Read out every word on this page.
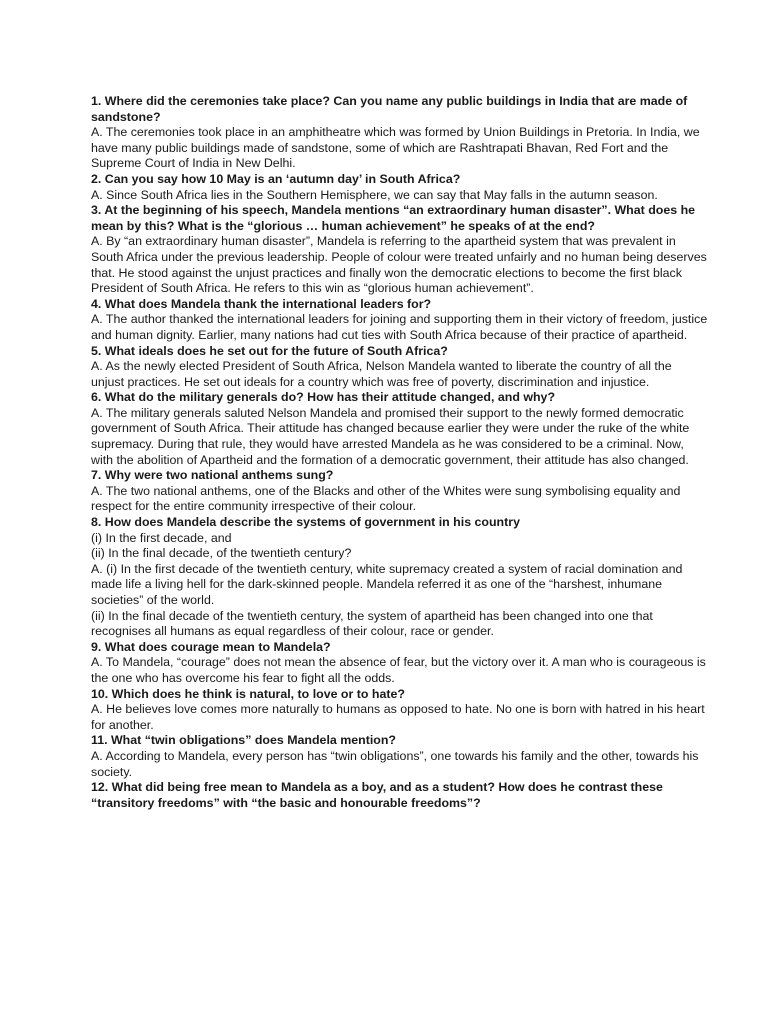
1. Where did the ceremonies take place? Can you name any public buildings in India that are made of sandstone?

A. The ceremonies took place in an amphitheatre which was formed by Union Buildings in Pretoria. In India, we have many public buildings made of sandstone, some of which are Rashtrapati Bhavan, Red Fort and the Supreme Court of India in New Delhi.

2. Can you say how 10 May is an ‘autumn day’ in South Africa?

A. Since South Africa lies in the Southern Hemisphere, we can say that May falls in the autumn season.

3. At the beginning of his speech, Mandela mentions “an extraordinary human disaster”. What does he mean by this? What is the “glorious … human achievement” he speaks of at the end?

A. By “an extraordinary human disaster”, Mandela is referring to the apartheid system that was prevalent in South Africa under the previous leadership. People of colour were treated unfairly and no human being deserves that. He stood against the unjust practices and finally won the democratic elections to become the first black President of South Africa. He refers to this win as “glorious human achievement”.

4. What does Mandela thank the international leaders for?

A. The author thanked the international leaders for joining and supporting them in their victory of freedom, justice and human dignity. Earlier, many nations had cut ties with South Africa because of their practice of apartheid.

5. What ideals does he set out for the future of South Africa?

A. As the newly elected President of South Africa, Nelson Mandela wanted to liberate the country of all the unjust practices. He set out ideals for a country which was free of poverty, discrimination and injustice.

6. What do the military generals do? How has their attitude changed, and why?

A. The military generals saluted Nelson Mandela and promised their support to the newly formed democratic government of South Africa. Their attitude has changed because earlier they were under the ruke of the white supremacy. During that rule, they would have arrested Mandela as he was considered to be a criminal. Now, with the abolition of Apartheid and the formation of a democratic government, their attitude has also changed.

7. Why were two national anthems sung?

A. The two national anthems, one of the Blacks and other of the Whites were sung symbolising equality and respect for the entire community irrespective of their colour.

8. How does Mandela describe the systems of government in his country

(i) In the first decade, and

(ii) In the final decade, of the twentieth century?

A. (i) In the first decade of the twentieth century, white supremacy created a system of racial domination and made life a living hell for the dark-skinned people. Mandela referred it as one of the “harshest, inhumane societies” of the world.

(ii) In the final decade of the twentieth century, the system of apartheid has been changed into one that recognises all humans as equal regardless of their colour, race or gender.

9. What does courage mean to Mandela?

A. To Mandela, “courage” does not mean the absence of fear, but the victory over it. A man who is courageous is the one who has overcome his fear to fight all the odds.

10. Which does he think is natural, to love or to hate?

A. He believes love comes more naturally to humans as opposed to hate. No one is born with hatred in his heart for another.

11. What “twin obligations” does Mandela mention?

A. According to Mandela, every person has “twin obligations”, one towards his family and the other, towards his society.

12. What did being free mean to Mandela as a boy, and as a student? How does he contrast these “transitory freedoms” with “the basic and honourable freedoms”?
